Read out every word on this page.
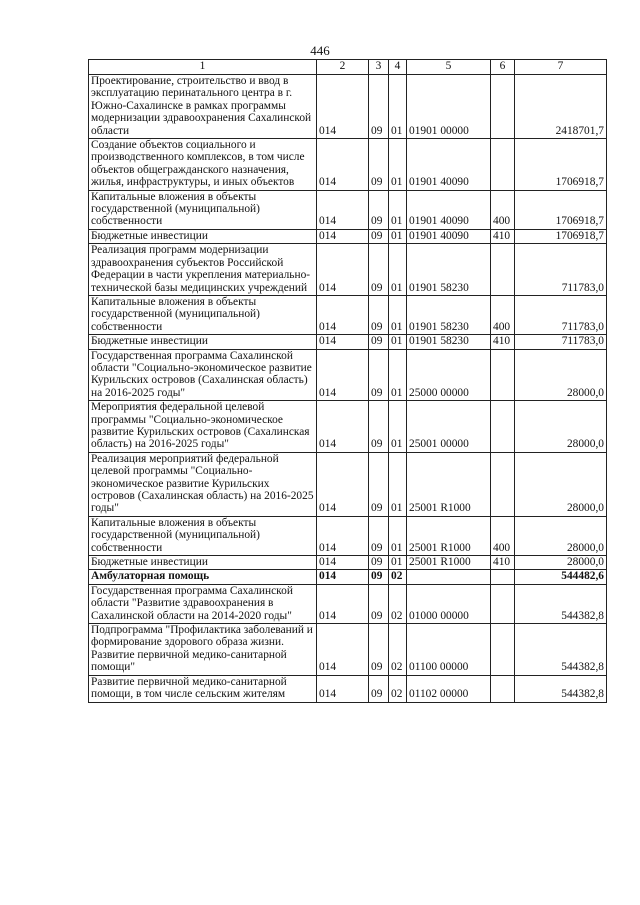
446
1	2	3	4	5	6	7
Проектирование, строительство и ввод в эксплуатацию перинатального центра в г. Южно-Сахалинске в рамках программы модернизации здравоохранения Сахалинской области	014	09	01	01901 00000		2418701,7
Создание объектов социального и производственного комплексов, в том числе объектов общегражданского назначения, жилья, инфраструктуры, и иных объектов	014	09	01	01901 40090		1706918,7
Капитальные вложения в объекты государственной (муниципальной) собственности	014	09	01	01901 40090	400	1706918,7
Бюджетные инвестиции	014	09	01	01901 40090	410	1706918,7
Реализация программ модернизации здравоохранения субъектов Российской Федерации в части укрепления материально-технической базы медицинских учреждений	014	09	01	01901 58230		711783,0
Капитальные вложения в объекты государственной (муниципальной) собственности	014	09	01	01901 58230	400	711783,0
Бюджетные инвестиции	014	09	01	01901 58230	410	711783,0
Государственная программа Сахалинской области "Социально-экономическое развитие Курильских островов (Сахалинская область) на 2016-2025 годы"	014	09	01	25000 00000		28000,0
Мероприятия федеральной целевой программы "Социально-экономическое развитие Курильских островов (Сахалинская область) на 2016-2025 годы"	014	09	01	25001 00000		28000,0
Реализация мероприятий федеральной целевой программы "Социально-экономическое развитие Курильских островов (Сахалинская область) на 2016-2025 годы"	014	09	01	25001 R1000		28000,0
Капитальные вложения в объекты государственной (муниципальной) собственности	014	09	01	25001 R1000	400	28000,0
Бюджетные инвестиции	014	09	01	25001 R1000	410	28000,0
Амбулаторная помощь	014	09	02			544482,6
Государственная программа Сахалинской области "Развитие здравоохранения в Сахалинской области на 2014-2020 годы"	014	09	02	01000 00000		544382,8
Подпрограмма "Профилактика заболеваний и формирование здорового образа жизни. Развитие первичной медико-санитарной помощи"	014	09	02	01100 00000		544382,8
Развитие первичной медико-санитарной помощи, в том числе сельским жителям	014	09	02	01102 00000		544382,8
